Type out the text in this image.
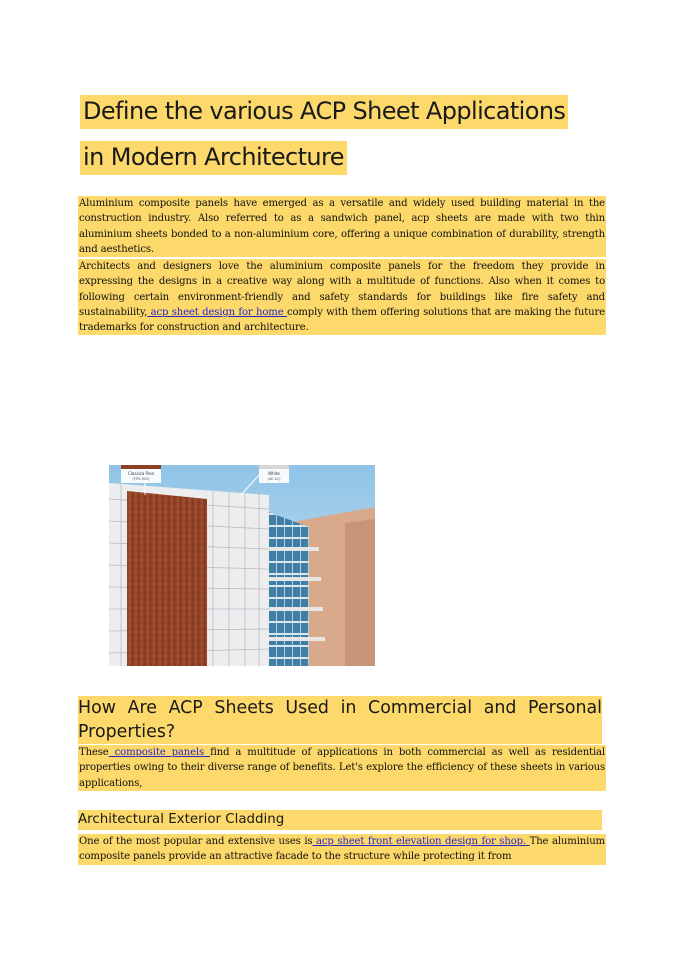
Define the various ACP Sheet Applications
in Modern Architecture

Aluminium composite panels have emerged as a versatile and widely used building material in the construction industry. Also referred to as a sandwich panel, acp sheets are made with two thin aluminium sheets bonded to a non-aluminium core, offering a unique combination of durability, strength and aesthetics.

Architects and designers love the aluminium composite panels for the freedom they provide in expressing the designs in a creative way along with a multitude of functions. Also when it comes to following certain environment-friendly and safety standards for buildings like fire safety and sustainability, acp sheet design for home comply with them offering solutions that are making the future trademarks for construction and architecture.

Classica Pine
(FPS-903)
White
(AE-01)
How Are ACP Sheets Used in Commercial and Personal Properties?

These composite panels find a multitude of applications in both commercial as well as residential properties owing to their diverse range of benefits. Let's explore the efficiency of these sheets in various applications,

Architectural Exterior Cladding

One of the most popular and extensive uses is acp sheet front elevation design for shop. The aluminium composite panels provide an attractive facade to the structure while protecting it from
